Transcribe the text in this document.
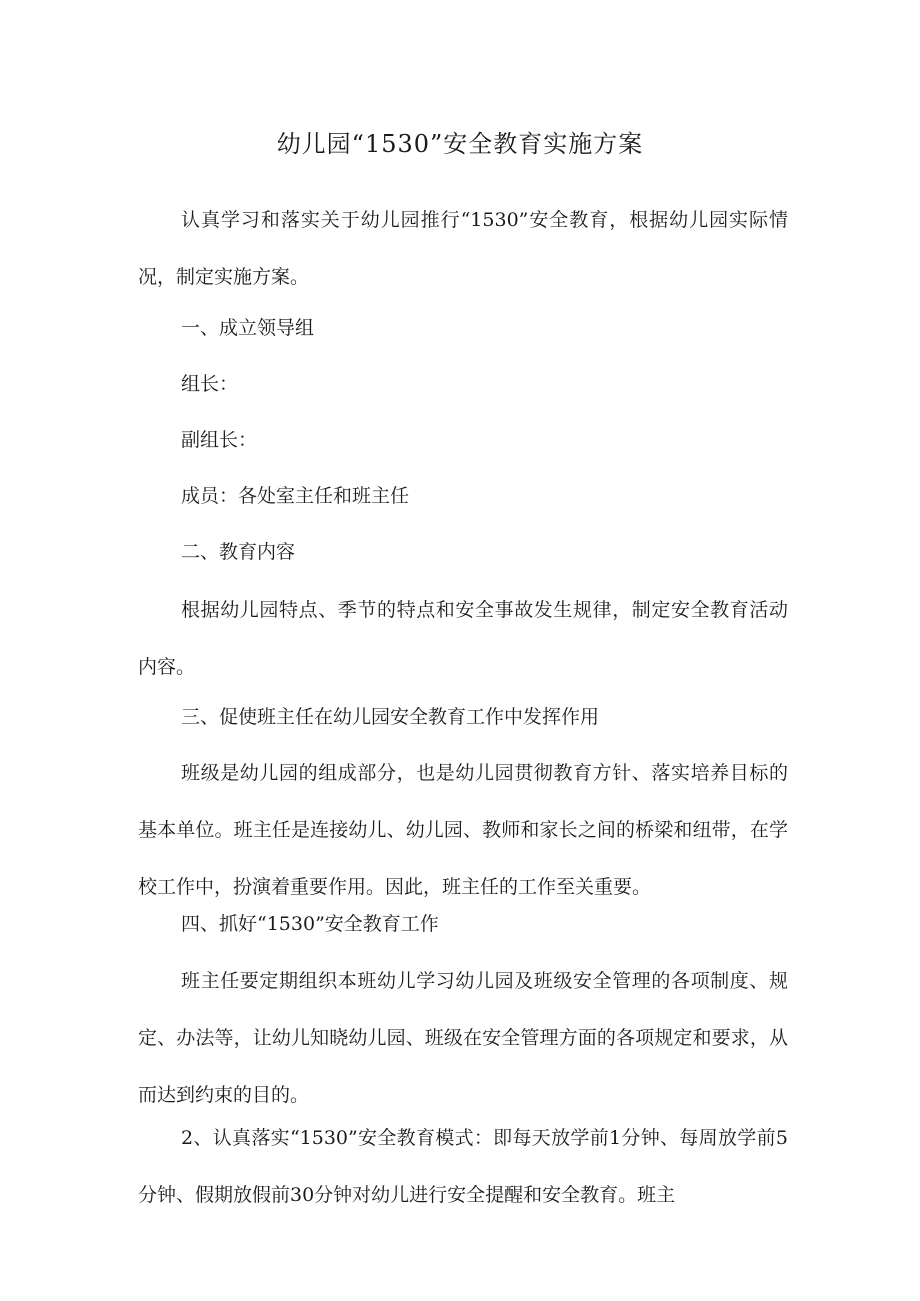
幼儿园“1530”安全教育实施方案

认真学习和落实关于幼儿园推行“1530”安全教育，根据幼儿园实际情况，制定实施方案。

一、成立领导组

组长：

副组长：

成员：各处室主任和班主任

二、教育内容

根据幼儿园特点、季节的特点和安全事故发生规律，制定安全教育活动内容。

三、促使班主任在幼儿园安全教育工作中发挥作用

班级是幼儿园的组成部分，也是幼儿园贯彻教育方针、落实培养目标的基本单位。班主任是连接幼儿、幼儿园、教师和家长之间的桥梁和纽带，在学校工作中，扮演着重要作用。因此，班主任的工作至关重要。

四、抓好“1530”安全教育工作

班主任要定期组织本班幼儿学习幼儿园及班级安全管理的各项制度、规定、办法等，让幼儿知晓幼儿园、班级在安全管理方面的各项规定和要求，从而达到约束的目的。

2、认真落实“1530”安全教育模式：即每天放学前1分钟、每周放学前5分钟、假期放假前30分钟对幼儿进行安全提醒和安全教育。班主
